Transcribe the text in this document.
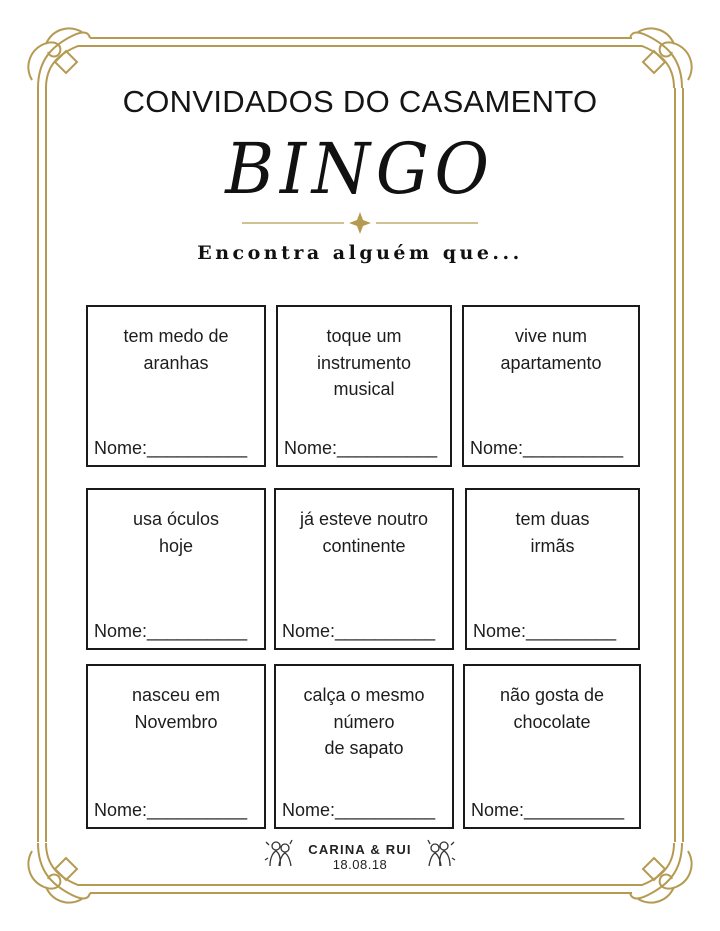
CONVIDADOS DO CASAMENTO
BINGO
Encontra alguém que...
tem medo de
aranhas
Nome:__________
toque um
instrumento
musical
Nome:__________
vive num
apartamento
Nome:__________
usa óculos
hoje
Nome:__________
já esteve noutro
continente
Nome:__________
tem duas
irmãs
Nome:_________
nasceu em
Novembro
Nome:__________
calça o mesmo
número
de sapato
Nome:__________
não gosta de
chocolate
Nome:__________
CARINA & RUI
18.08.18
